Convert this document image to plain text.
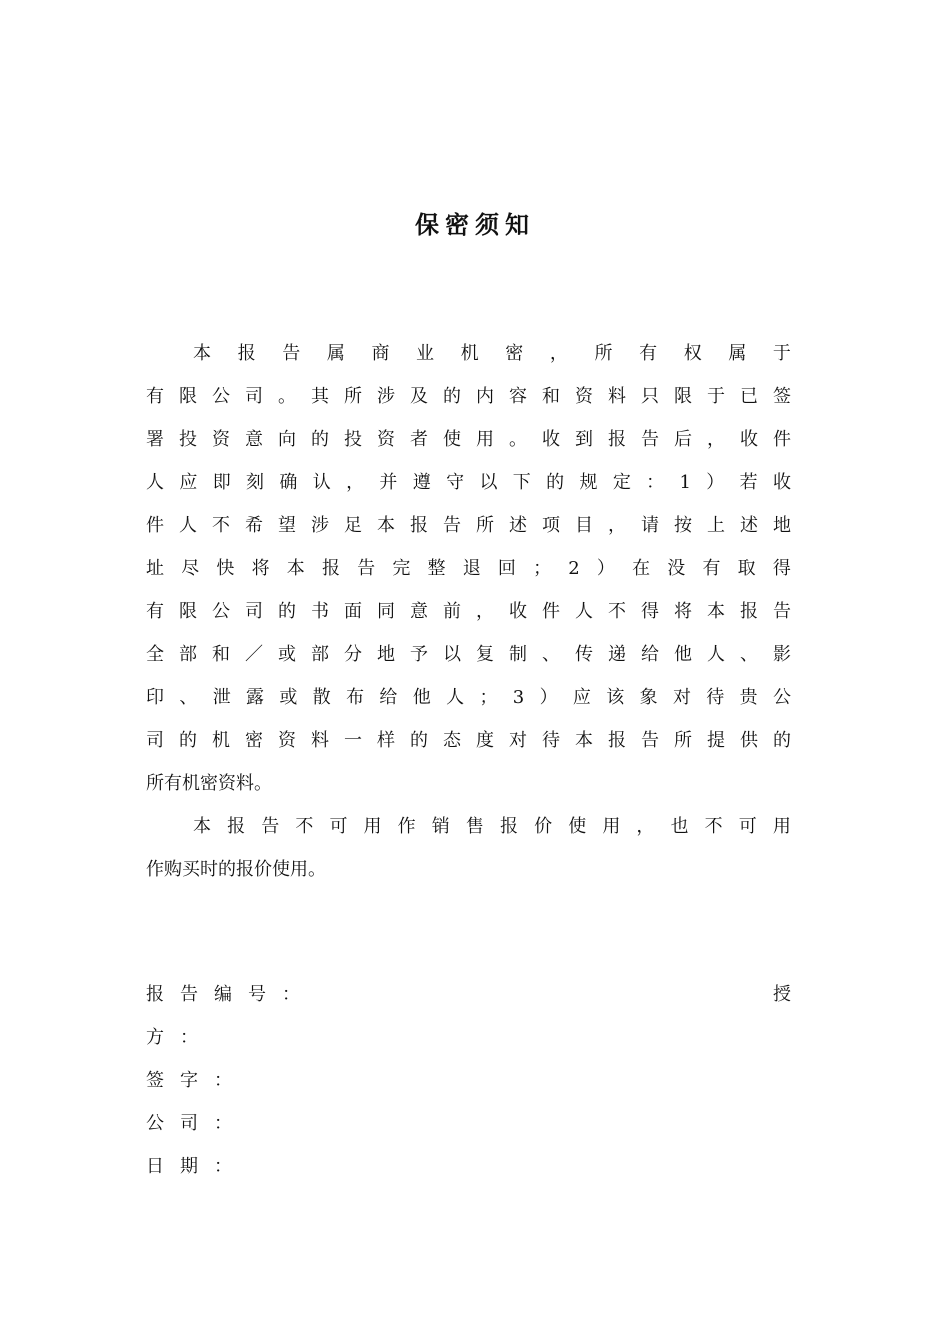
保密须知
本 报 告 属 商 业 机 密 ， 所 有 权 属 于
有 限 公 司 。 其 所 涉 及 的 内 容 和 资 料 只 限 于 已 签
署 投 资 意 向 的 投 资 者 使 用 。 收 到 报 告 后 ， 收 件
人 应 即 刻 确 认 ， 并 遵 守 以 下 的 规 定 ： 1 ） 若 收
件 人 不 希 望 涉 足 本 报 告 所 述 项 目 ， 请 按 上 述 地
址 尽 快 将 本 报 告 完 整 退 回 ； 2 ） 在 没 有 取 得
有 限 公 司 的 书 面 同 意 前 ， 收 件 人 不 得 将 本 报 告
全 部 和 ／ 或 部 分 地 予 以 复 制 、 传 递 给 他 人 、 影
印 、 泄 露 或 散 布 给 他 人 ； 3 ） 应 该 象 对 待 贵 公
司 的 机 密 资 料 一 样 的 态 度 对 待 本 报 告 所 提 供 的
所 有 机 密 资 料 。
本 报 告 不 可 用 作 销 售 报 价 使 用 ， 也 不 可 用
作 购 买 时 的 报 价 使 用 。
报告编号：	授
方：
签字：
公司：
日期：
